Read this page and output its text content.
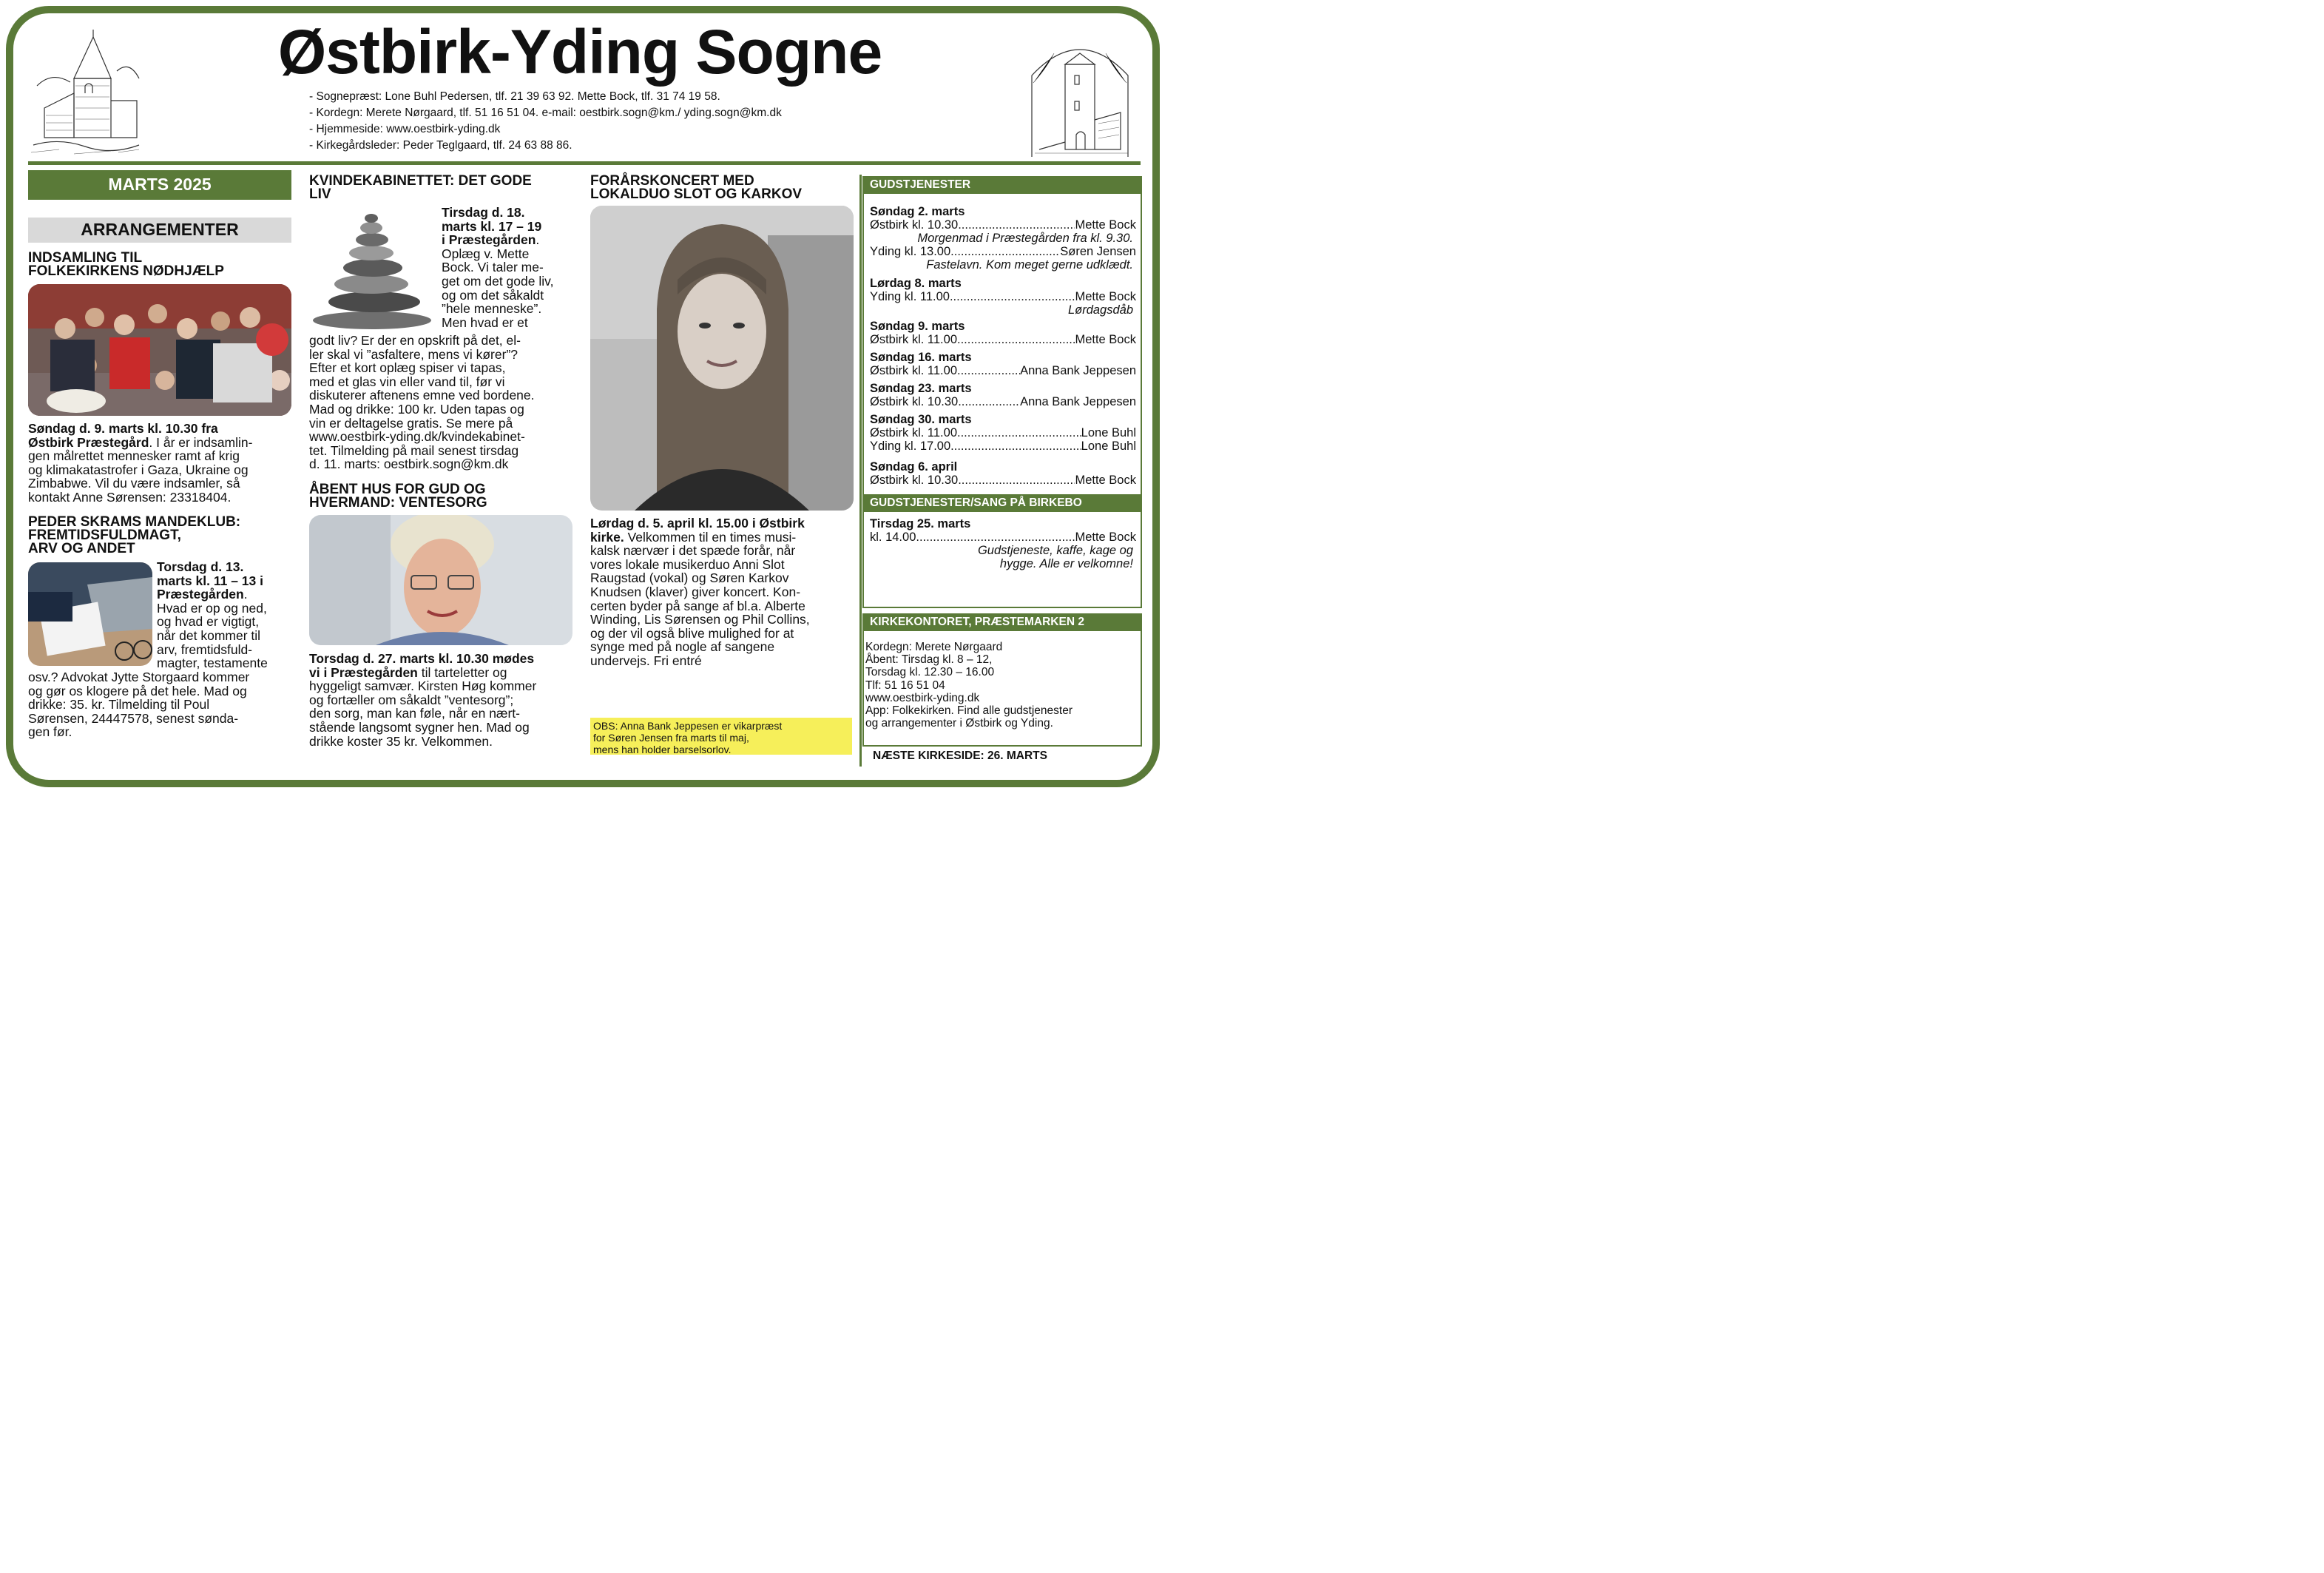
Østbirk-Yding Sogne
- Sognepræst: Lone Buhl Pedersen, tlf. 21 39 63 92. Mette Bock, tlf. 31 74 19 58.
- Kordegn: Merete Nørgaard, tlf. 51 16 51 04. e-mail: oestbirk.sogn@km./ yding.sogn@km.dk
- Hjemmeside: www.oestbirk-yding.dk
- Kirkegårdsleder: Peder Teglgaard, tlf. 24 63 88 86.
MARTS 2025
ARRANGEMENTER
INDSAMLING TIL
FOLKEKIRKENS NØDHJÆLP
Søndag d. 9. marts kl. 10.30 fra
Østbirk Præstegård. I år er indsamlin-
gen målrettet mennesker ramt af krig
og klimakatastrofer i Gaza, Ukraine og
Zimbabwe. Vil du være indsamler, så
kontakt Anne Sørensen: 23318404.
PEDER SKRAMS MANDEKLUB:
FREMTIDSFULDMAGT,
ARV OG ANDET
Torsdag d. 13.
marts kl. 11 – 13 i
Præstegården.
Hvad er op og ned,
og hvad er vigtigt,
når det kommer til
arv, fremtidsfuld-
magter, testamente
osv.? Advokat Jytte Storgaard kommer
og gør os klogere på det hele. Mad og
drikke: 35. kr. Tilmelding til Poul
Sørensen, 24447578, senest sønda-
gen før.
KVINDEKABINETTET: DET GODE
LIV
Tirsdag d. 18.
marts kl. 17 – 19
i Præstegården.
Oplæg v. Mette
Bock. Vi taler me-
get om det gode liv,
og om det såkaldt
”hele menneske”.
Men hvad er et
godt liv? Er der en opskrift på det, el-
ler skal vi ”asfaltere, mens vi kører”?
Efter et kort oplæg spiser vi tapas,
med et glas vin eller vand til, før vi
diskuterer aftenens emne ved bordene.
Mad og drikke: 100 kr. Uden tapas og
vin er deltagelse gratis. Se mere på
www.oestbirk-yding.dk/kvindekabinet-
tet. Tilmelding på mail senest tirsdag
d. 11. marts: oestbirk.sogn@km.dk
ÅBENT HUS FOR GUD OG
HVERMAND: VENTESORG
Torsdag d. 27. marts kl. 10.30 mødes
vi i Præstegården til tarteletter og
hyggeligt samvær. Kirsten Høg kommer
og fortæller om såkaldt ”ventesorg”;
den sorg, man kan føle, når en nært-
stående langsomt sygner hen. Mad og
drikke koster 35 kr. Velkommen.
FORÅRSKONCERT MED
LOKALDUO SLOT OG KARKOV
Lørdag d. 5. april kl. 15.00 i Østbirk
kirke. Velkommen til en times musi-
kalsk nærvær i det spæde forår, når
vores lokale musikerduo Anni Slot
Raugstad (vokal) og Søren Karkov
Knudsen (klaver) giver koncert. Kon-
certen byder på sange af bl.a. Alberte
Winding, Lis Sørensen og Phil Collins,
og der vil også blive mulighed for at
synge med på nogle af sangene
undervejs. Fri entré
OBS: Anna Bank Jeppesen er vikarpræst
for Søren Jensen fra marts til maj,
mens han holder barselsorlov.
GUDSTJENESTER
Søndag 2. marts
Østbirk kl. 10.30 .....	Mette Bock
Morgenmad i Præstegården fra kl. 9.30.
Yding kl. 13.00 .....	Søren Jensen
Fastelavn. Kom meget gerne udklædt.
Lørdag 8. marts
Yding kl. 11.00 .....	Mette Bock
Lørdagsdåb
Søndag 9. marts
Østbirk kl. 11.00 .....	Mette Bock
Søndag 16. marts
Østbirk kl. 11.00 .....	Anna Bank Jeppesen
Søndag 23. marts
Østbirk kl. 10.30 .....	Anna Bank Jeppesen
Søndag 30. marts
Østbirk kl. 11.00 .....	Lone Buhl
Yding kl. 17.00 .....	Lone Buhl
Søndag 6. april
Østbirk kl. 10.30 .....	Mette Bock
GUDSTJENESTER/SANG PÅ BIRKEBO
Tirsdag 25. marts
kl. 14.00 .....	Mette Bock
Gudstjeneste, kaffe, kage og
hygge. Alle er velkomne!
KIRKEKONTORET, PRÆSTEMARKEN 2
Kordegn: Merete Nørgaard
Åbent: Tirsdag kl. 8 – 12,
Torsdag kl. 12.30 – 16.00
Tlf: 51 16 51 04
www.oestbirk-yding.dk
App: Folkekirken. Find alle gudstjenester
og arrangementer i Østbirk og Yding.
NÆSTE KIRKESIDE: 26. MARTS
